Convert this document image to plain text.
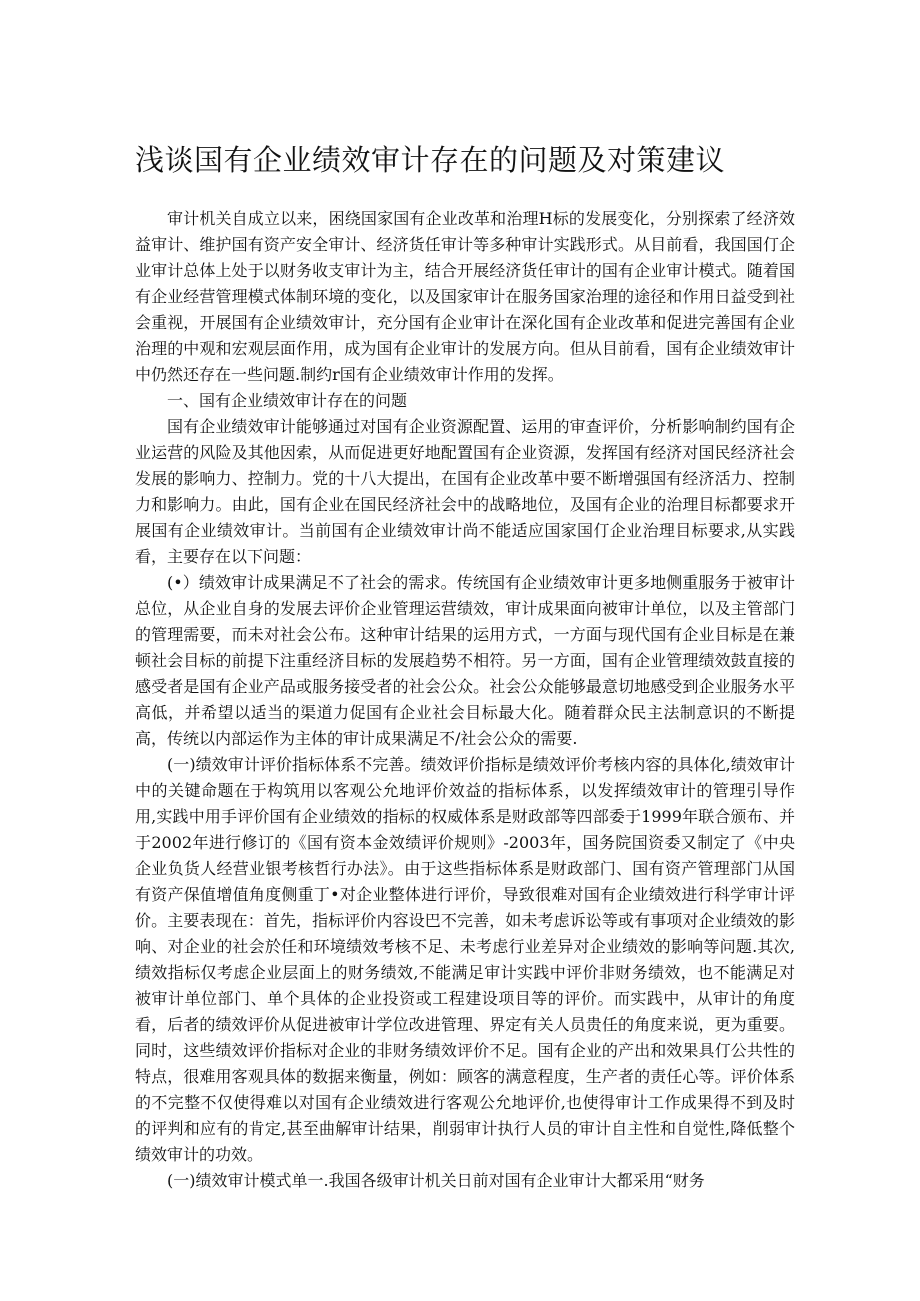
浅谈国有企业绩效审计存在的问题及对策建议

审计机关自成立以来，困绕国家国有企业改革和治理H标的发展变化，分别探索了经济效益审计、维护国有资产安全审计、经济货任审计等多种审计实践形式。从目前看，我国国仃企业审计总体上处于以财务收支审计为主，结合开展经济货任审计的国有企业审计模式。随着国有企业经营管理模式体制环境的变化，以及国家审计在服务国家治理的途径和作用日益受到社会重视，开展国有企业绩效审计，充分国有企业审计在深化国有企业改革和促进完善国有企业治理的中观和宏观层面作用，成为国有企业审计的发展方向。但从目前看，国有企业绩效审计中仍然还存在一些问题.制约r国有企业绩效审计作用的发挥。

一、国有企业绩效审计存在的问题

国有企业绩效审计能够通过对国有企业资源配置、运用的审查评价，分析影响制约国有企业运营的风险及其他因索，从而促进更好地配置国有企业资源，发挥国有经济对国民经济社会发展的影响力、控制力。党的十八大提出，在国有企业改革中要不断增强国有经济活力、控制力和影响力。由此，国有企业在国民经济社会中的战略地位，及国有企业的治理目标都要求开展国有企业绩效审计。当前国有企业绩效审计尚不能适应国家国仃企业治理目标要求,从实践看，主要存在以下问题：

(•）绩效审计成果满足不了社会的需求。传统国有企业绩效审计更多地侧重服务于被审计总位，从企业自身的发展去评价企业管理运营绩效，审计成果面向被审计单位，以及主管部门的管理需要，而未对社会公布。这种审计结果的运用方式，一方面与现代国有企业目标是在兼顿社会目标的前提下注重经济目标的发展趋势不相符。另一方面，国有企业管理绩效鼓直接的感受者是国有企业产品或服务接受者的社会公众。社会公众能够最意切地感受到企业服务水平高低，并希望以适当的渠道力促国有企业社会目标最大化。随着群众民主法制意识的不断提高，传统以内部运作为主体的审计成果满足不/社会公众的需要.

(一)绩效审计评价指标体系不完善。绩效评价指标是绩效评价考核内容的具体化,绩效审计中的关键命题在于构筑用以客观公允地评价效益的指标体系，以发挥绩效审计的管理引导作用,实践中用手评价国有企业绩效的指标的权威体系是财政部等四部委于1999年联合颁布、并于2002年进行修订的《国有资本金效绩评价规则》-2003年，国务院国资委又制定了《中央企业负货人经营业银考核哲行办法》。由于这些指标体系是财政部门、国有资产管理部门从国有资产保值增值角度侧重丁•对企业整体进行评价，导致很难对国有企业绩效进行科学审计评价。主要表现在：首先，指标评价内容设巴不完善，如未考虑诉讼等或有事项对企业绩效的影响、对企业的社会於任和环境绩效考核不足、未考虑行业差异对企业绩效的影响等问题.其次,绩效指标仅考虑企业层面上的财务绩效,不能满足审计实践中评价非财务绩效，也不能满足对被审计单位部门、单个具体的企业投资或工程建设项目等的评价。而实践中，从审计的角度看，后者的绩效评价从促进被审计学位改进管理、界定有关人员贵任的角度来说，更为重要。同时，这些绩效评价指标对企业的非财务绩效评价不足。国有企业的产出和效果具仃公共性的特点，很难用客观具体的数据来衡量，例如：顾客的满意程度，生产者的责任心等。评价体系的不完整不仅使得难以对国有企业绩效进行客观公允地评价,也使得审计工作成果得不到及时的评判和应有的肯定,甚至曲解审计结果，削弱审计执行人员的审计自主性和自觉性,降低整个绩效审计的功效。

(一)绩效审计模式单一.我国各级审计机关日前对国有企业审计大都采用“财务
